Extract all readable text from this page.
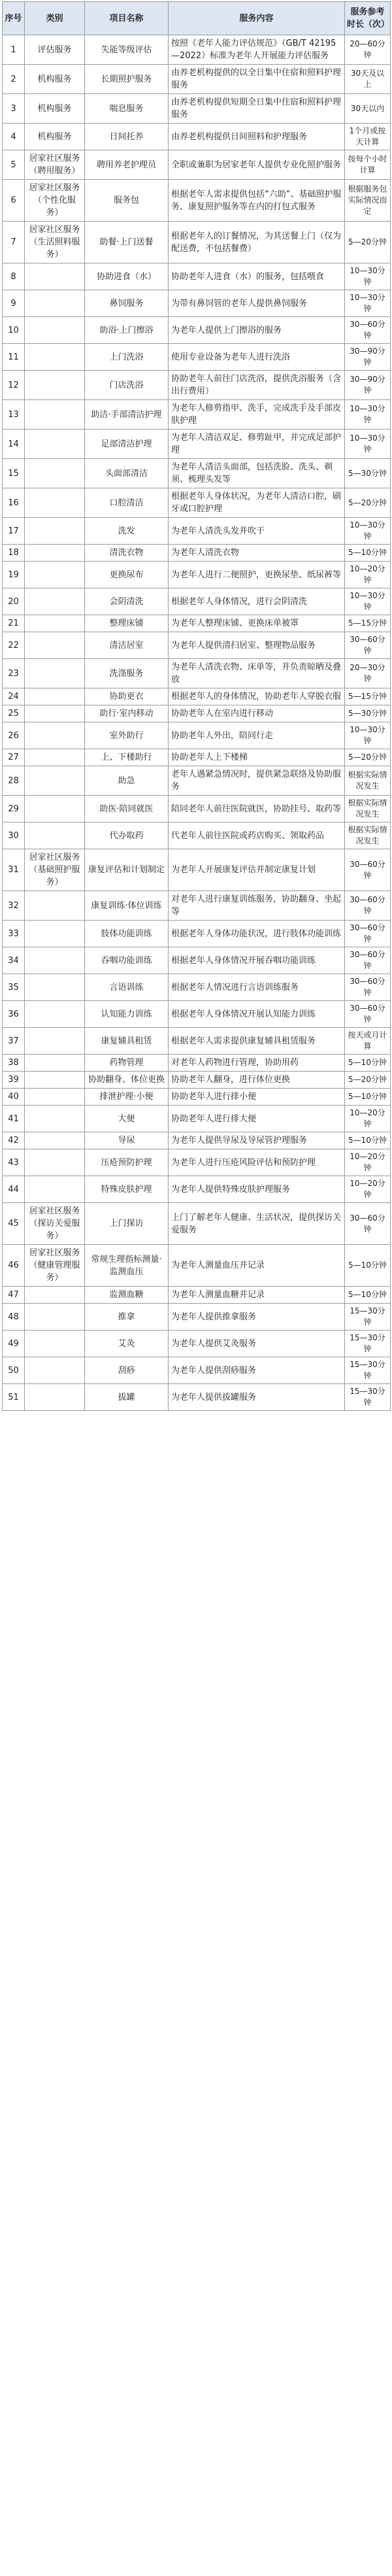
序号	类别	项目名称	服务内容	服务参考时长（次）
1	评估服务	失能等级评估	按照《老年人能力评估规范》（GB/T 42195—2022）标准为老年人开展能力评估服务	20—60分钟
2	机构服务	长期照护服务	由养老机构提供的以全日集中住宿和照料护理服务	30天及以上
3	机构服务	喘息服务	由养老机构提供短期全日集中住宿和照料护理服务	30天以内
4	机构服务	日间托养	由养老机构提供日间照料和护理服务	1个月或按天计算
5	居家社区服务（聘用服务）	聘用养老护理员	全职或兼职为居家老年人提供专业化照护服务	按每个小时计算
6	居家社区服务（个性化服务）	服务包	根据老年人需求提供包括“六助”、基础照护服务、康复照护服务等在内的打包式服务	根据服务包实际情况而定
7	居家社区服务（生活照料服务）	助餐·上门送餐	根据老年人的订餐情况，为其送餐上门（仅为配送费，不包括餐费）	5—20分钟
8		协助进食（水）	协助老年人进食（水）的服务，包括喂食	10—30分钟
9		鼻饲服务	为带有鼻饲管的老年人提供鼻饲服务	10—30分钟
10		助浴·上门擦浴	为老年人提供上门擦浴的服务	30—60分钟
11		上门洗浴	使用专业设备为老年人进行洗浴	30—90分钟
12		门店洗浴	协助老年人前往门店洗浴，提供洗浴服务（含出行费用）	30—90分钟
13		助洁·手部清洁护理	为老年人修剪指甲、洗手，完成洗手及手部皮肤护理	10—30分钟
14		足部清洁护理	为老年人清洁双足、修剪趾甲，并完成足部护理	10—30分钟
15		头面部清洁	为老年人清洁头面部，包括洗脸、洗头、剃须、梳理头发等	5—30分钟
16		口腔清洁	根据老年人身体状况，为老年人清洁口腔，刷牙或口腔护理	5—20分钟
17		洗发	为老年人清洗头发并吹干	10—30分钟
18		清洗衣物	为老年人清洗衣物	5—10分钟
19		更换尿布	为老年人进行二便照护，更换尿垫、纸尿裤等	10—20分钟
20		会阴清洗	根据老年人身体情况，进行会阴清洗	10—30分钟
21		整理床铺	为老年人整理床铺、更换床单被罩	5—15分钟
22		清洁居室	为老年人提供清扫居室、整理物品服务	30—60分钟
23		洗涤服务	为老年人清洗衣物、床单等，并负责晾晒及叠放	20—30分钟
24		协助更衣	根据老年人的身体情况，协助老年人穿脱衣服	5—15分钟
25		助行·室内移动	协助老年人在室内进行移动	5—30分钟
26		室外助行	协助老年人外出，陪同行走	10—30分钟
27		上、下楼助行	协助老年人上下楼梯	5—20分钟
28		助急	老年人遇紧急情况时，提供紧急联络及协助服务	根据实际情况发生
29		助医·陪同就医	陪同老年人前往医院就医，协助挂号、取药等	根据实际情况发生
30		代办取药	代老年人前往医院或药店购买、领取药品	根据实际情况发生
31	居家社区服务（基础照护服务）	康复评估和计划制定	为老年人开展康复评估并制定康复计划	30—60分钟
32		康复训练·体位训练	对老年人进行康复训练服务，协助翻身、坐起等	30—60分钟
33		肢体功能训练	根据老年人身体功能状况，进行肢体功能训练	30—60分钟
34		吞咽功能训练	根据老年人身体情况开展吞咽功能训练	30—60分钟
35		言语训练	根据老年人情况进行言语训练服务	30—60分钟
36		认知能力训练	根据老年人身体情况开展认知能力训练	30—60分钟
37		康复辅具租赁	根据老年人需求提供康复辅具租赁服务	按天或月计算
38		药物管理	对老年人药物进行管理，协助用药	5—10分钟
39		协助翻身、体位更换	协助老年人翻身，进行体位更换	5—20分钟
40		排泄护理·小便	协助老年人进行排小便	5—10分钟
41		大便	协助老年人进行排大便	10—20分钟
42		导尿	为老年人提供导尿及导尿管护理服务	5—10分钟
43		压疮预防护理	为老年人进行压疮风险评估和预防护理	10—20分钟
44		特殊皮肤护理	为老年人提供特殊皮肤护理服务	10—20分钟
45	居家社区服务（探访关爱服务）	上门探访	上门了解老年人健康、生活状况，提供探访关爱服务	30—60分钟
46	居家社区服务（健康管理服务）	常规生理指标测量·监测血压	为老年人测量血压并记录	5—10分钟
47		监测血糖	为老年人测量血糖并记录	5—10分钟
48		推拿	为老年人提供推拿服务	15—30分钟
49		艾灸	为老年人提供艾灸服务	15—30分钟
50		刮痧	为老年人提供刮痧服务	15—30分钟
51		拔罐	为老年人提供拔罐服务	15—30分钟
